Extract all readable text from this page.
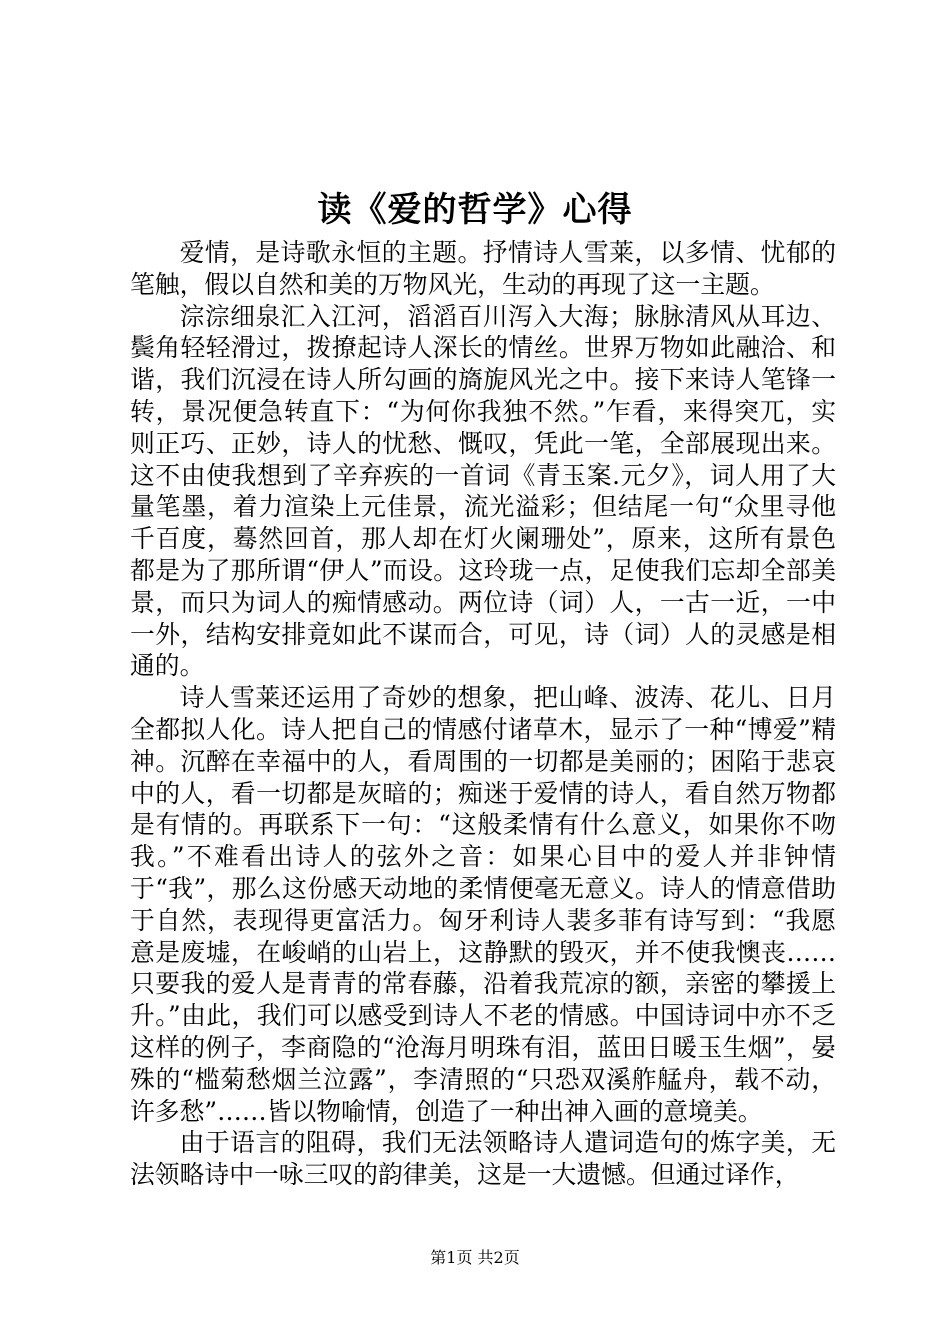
读《爱的哲学》心得

爱情，是诗歌永恒的主题。抒情诗人雪莱，以多情、忧郁的笔触，假以自然和美的万物风光，生动的再现了这一主题。

淙淙细泉汇入江河，滔滔百川泻入大海；脉脉清风从耳边、鬓角轻轻滑过，拨撩起诗人深长的情丝。世界万物如此融洽、和谐，我们沉浸在诗人所勾画的旖旎风光之中。接下来诗人笔锋一转，景况便急转直下：“为何你我独不然。”乍看，来得突兀，实则正巧、正妙，诗人的忧愁、慨叹，凭此一笔，全部展现出来。这不由使我想到了辛弃疾的一首词《青玉案.元夕》，词人用了大量笔墨，着力渲染上元佳景，流光溢彩；但结尾一句“众里寻他千百度，蓦然回首，那人却在灯火阑珊处”，原来，这所有景色都是为了那所谓“伊人”而设。这玲珑一点，足使我们忘却全部美景，而只为词人的痴情感动。两位诗（词）人，一古一近，一中一外，结构安排竟如此不谋而合，可见，诗（词）人的灵感是相通的。

诗人雪莱还运用了奇妙的想象，把山峰、波涛、花儿、日月全都拟人化。诗人把自己的情感付诸草木，显示了一种“博爱”精神。沉醉在幸福中的人，看周围的一切都是美丽的；困陷于悲哀中的人，看一切都是灰暗的；痴迷于爱情的诗人，看自然万物都是有情的。再联系下一句：“这般柔情有什么意义，如果你不吻我。”不难看出诗人的弦外之音：如果心目中的爱人并非钟情于“我”，那么这份感天动地的柔情便毫无意义。诗人的情意借助于自然，表现得更富活力。匈牙利诗人裴多菲有诗写到：“我愿意是废墟，在峻峭的山岩上，这静默的毁灭，并不使我懊丧……只要我的爱人是青青的常春藤，沿着我荒凉的额，亲密的攀援上升。”由此，我们可以感受到诗人不老的情感。中国诗词中亦不乏这样的例子，李商隐的“沧海月明珠有泪，蓝田日暖玉生烟”，晏殊的“槛菊愁烟兰泣露”，李清照的“只恐双溪舴艋舟，载不动，许多愁”……皆以物喻情，创造了一种出神入画的意境美。

由于语言的阻碍，我们无法领略诗人遣词造句的炼字美，无法领略诗中一咏三叹的韵律美，这是一大遗憾。但通过译作，

第1页 共2页
